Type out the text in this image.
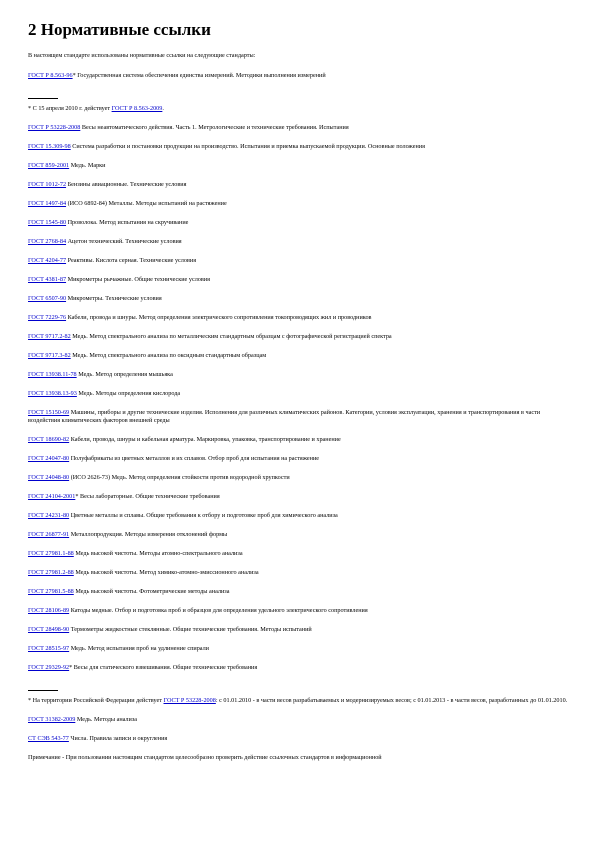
2 Нормативные ссылки

В настоящем стандарте использованы нормативные ссылки на следующие стандарты:

ГОСТ Р 8.563-96* Государственная система обеспечения единства измерений. Методики выполнения измерений

* С 15 апреля 2010 г. действует ГОСТ Р 8.563-2009.

ГОСТ Р 53228-2008 Весы неавтоматического действия. Часть 1. Метрологические и технические требования. Испытания

ГОСТ 15.309-98 Система разработки и постановки продукции на производство. Испытания и приемка выпускаемой продукции. Основные положения

ГОСТ 859-2001 Медь. Марки

ГОСТ 1012-72 Бензины авиационные. Технические условия

ГОСТ 1497-84 (ИСО 6892-84) Металлы. Методы испытаний на растяжение

ГОСТ 1545-80 Проволока. Метод испытания на скручивание

ГОСТ 2768-84 Ацетон технический. Технические условия

ГОСТ 4204-77 Реактивы. Кислота серная. Технические условия

ГОСТ 4381-87 Микрометры рычажные. Общие технические условия

ГОСТ 6507-90 Микрометры. Технические условия

ГОСТ 7229-76 Кабели, провода и шнуры. Метод определения электрического сопротивления токопроводящих жил и проводников

ГОСТ 9717.2-82 Медь. Метод спектрального анализа по металлическим стандартным образцам с фотографической регистрацией спектра

ГОСТ 9717.3-82 Медь. Метод спектрального анализа по оксидным стандартным образцам

ГОСТ 13938.11-78 Медь. Метод определения мышьяка

ГОСТ 13938.13-93 Медь. Методы определения кислорода

ГОСТ 15150-69 Машины, приборы и другие технические изделия. Исполнения для различных климатических районов. Категории, условия эксплуатации, хранения и транспортирования в части воздействия климатических факторов внешней среды

ГОСТ 18690-82 Кабели, провода, шнуры и кабельная арматура. Маркировка, упаковка, транспортирование и хранение

ГОСТ 24047-80 Полуфабрикаты из цветных металлов и их сплавов. Отбор проб для испытания на растяжение

ГОСТ 24048-80 (ИСО 2626-73) Медь. Метод определения стойкости против водородной хрупкости

ГОСТ 24104-2001* Весы лабораторные. Общие технические требования

ГОСТ 24231-80 Цветные металлы и сплавы. Общие требования к отбору и подготовке проб для химического анализа

ГОСТ 26877-91 Металлопродукция. Методы измерения отклонений формы

ГОСТ 27981.1-88 Медь высокой чистоты. Методы атомно-спектрального анализа

ГОСТ 27981.2-88 Медь высокой чистоты. Метод химико-атомно-эмиссионного анализа

ГОСТ 27981.5-88 Медь высокой чистоты. Фотометрические методы анализа

ГОСТ 28106-89 Катоды медные. Отбор и подготовка проб и образцов для определения удельного электрического сопротивления

ГОСТ 28498-90 Термометры жидкостные стеклянные. Общие технические требования. Методы испытаний

ГОСТ 28515-97 Медь. Метод испытания проб на удлинение спирали

ГОСТ 29329-92* Весы для статического взвешивания. Общие технические требования

* На территории Российской Федерации действует ГОСТ Р 53228-2008: с 01.01.2010 - в части весов разрабатываемых и модернизируемых весов; с 01.01.2013 - в части весов, разработанных до 01.01.2010.

ГОСТ 31382-2009 Медь. Методы анализа

СТ СЭВ 543-77 Числа. Правила записи и округления

Примечание - При пользовании настоящим стандартом целесообразно проверить действие ссылочных стандартов в информационной
